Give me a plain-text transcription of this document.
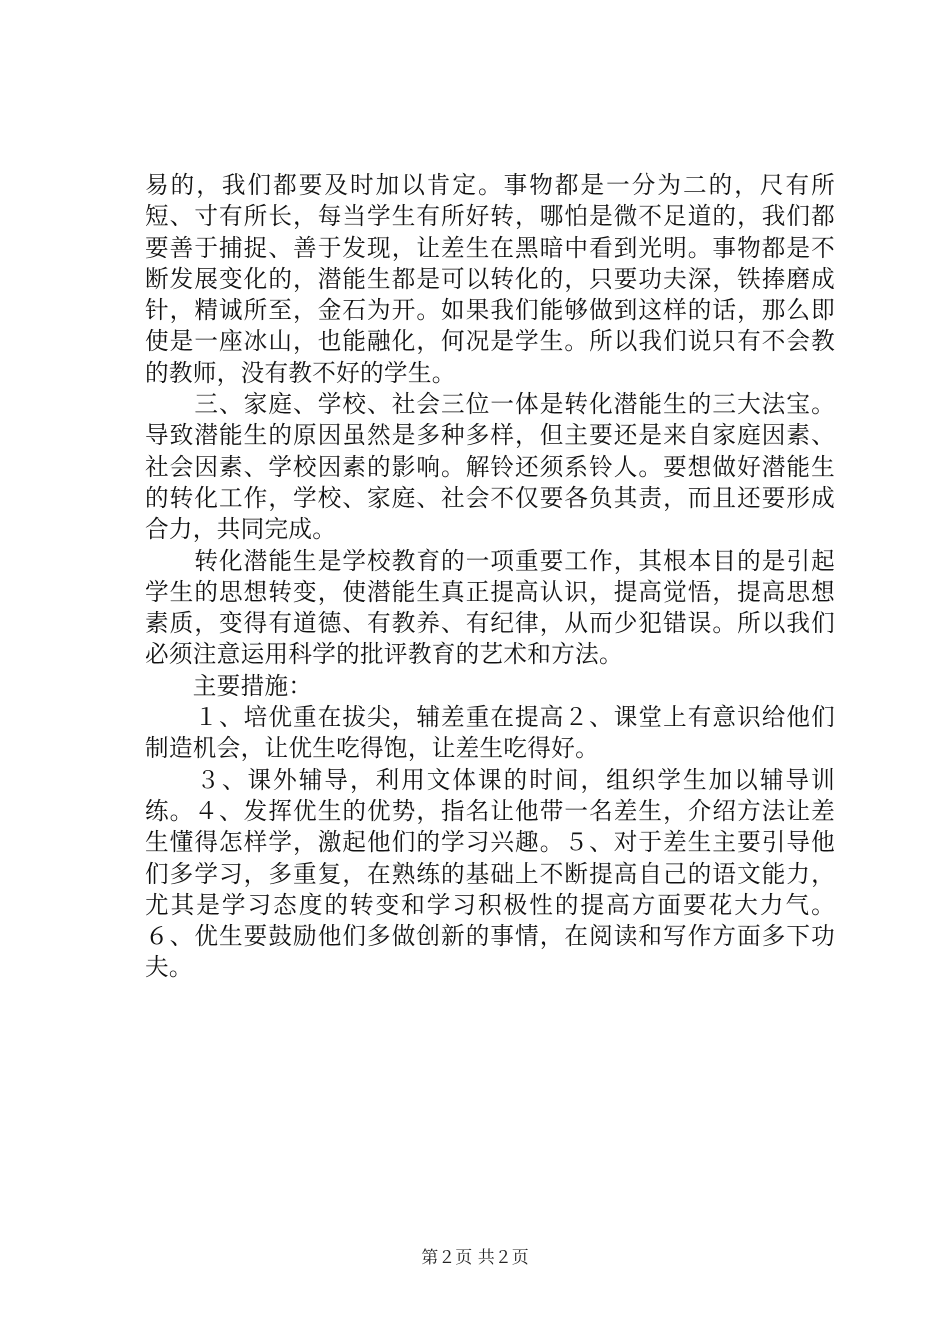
易的，我们都要及时加以肯定。事物都是一分为二的，尺有所短、寸有所长，每当学生有所好转，哪怕是微不足道的，我们都要善于捕捉、善于发现，让差生在黑暗中看到光明。事物都是不断发展变化的，潜能生都是可以转化的，只要功夫深，铁捧磨成针，精诚所至，金石为开。如果我们能够做到这样的话，那么即使是一座冰山，也能融化，何况是学生。所以我们说只有不会教的教师，没有教不好的学生。

　　三、家庭、学校、社会三位一体是转化潜能生的三大法宝。导致潜能生的原因虽然是多种多样，但主要还是来自家庭因素、社会因素、学校因素的影响。解铃还须系铃人。要想做好潜能生的转化工作，学校、家庭、社会不仅要各负其责，而且还要形成合力，共同完成。

　　转化潜能生是学校教育的一项重要工作，其根本目的是引起学生的思想转变，使潜能生真正提高认识，提高觉悟，提高思想素质，变得有道德、有教养、有纪律，从而少犯错误。所以我们必须注意运用科学的批评教育的艺术和方法。

　　主要措施：

　　１、培优重在拔尖，辅差重在提高２、课堂上有意识给他们制造机会，让优生吃得饱，让差生吃得好。

　　３、课外辅导，利用文体课的时间，组织学生加以辅导训练。４、发挥优生的优势，指名让他带一名差生，介绍方法让差生懂得怎样学，激起他们的学习兴趣。５、对于差生主要引导他们多学习，多重复，在熟练的基础上不断提高自己的语文能力，尤其是学习态度的转变和学习积极性的提高方面要花大力气。６、优生要鼓励他们多做创新的事情，在阅读和写作方面多下功夫。

第２页 共２页
